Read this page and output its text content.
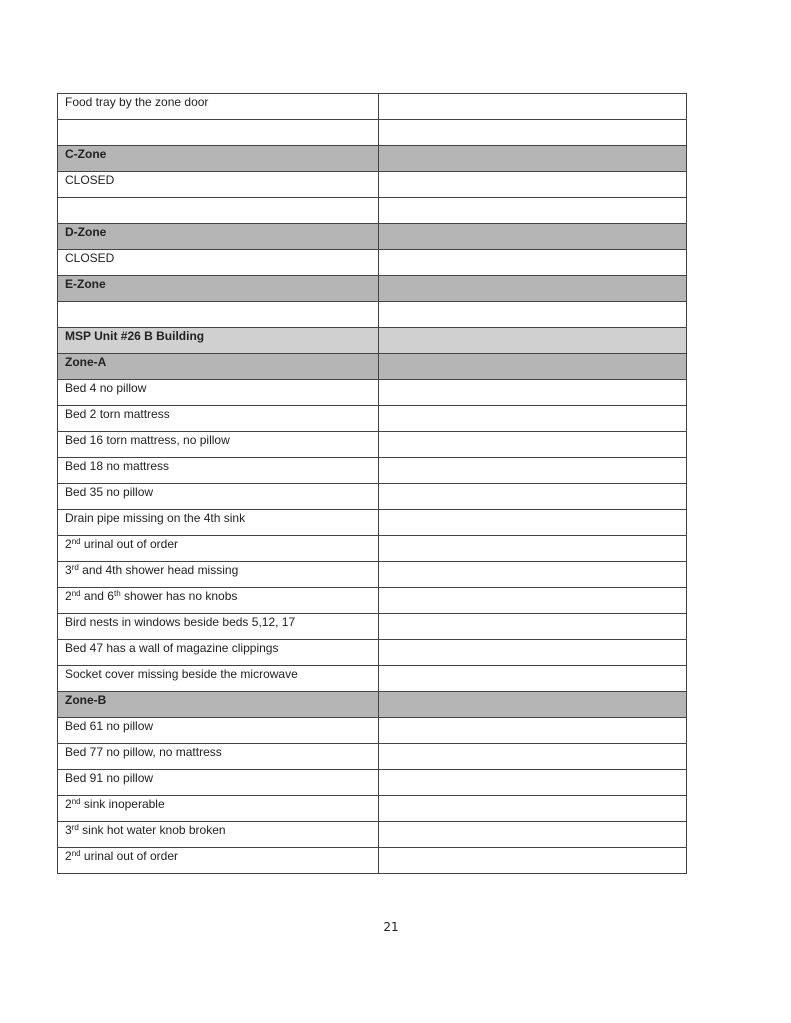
Food tray by the zone door	

C-Zone	
CLOSED	

D-Zone	
CLOSED	
E-Zone	

MSP Unit #26 B Building	
Zone-A	
Bed 4 no pillow	
Bed 2 torn mattress	
Bed 16 torn mattress, no pillow	
Bed 18 no mattress	
Bed 35 no pillow	
Drain pipe missing on the 4th sink	
2nd urinal out of order	
3rd and 4th shower head missing	
2nd and 6th shower has no knobs	
Bird nests in windows beside beds 5,12, 17	
Bed 47 has a wall of magazine clippings	
Socket cover missing beside the microwave	
Zone-B	
Bed 61 no pillow	
Bed 77 no pillow, no mattress	
Bed 91 no pillow	
2nd sink inoperable	
3rd sink hot water knob broken	
2nd urinal out of order	
21
